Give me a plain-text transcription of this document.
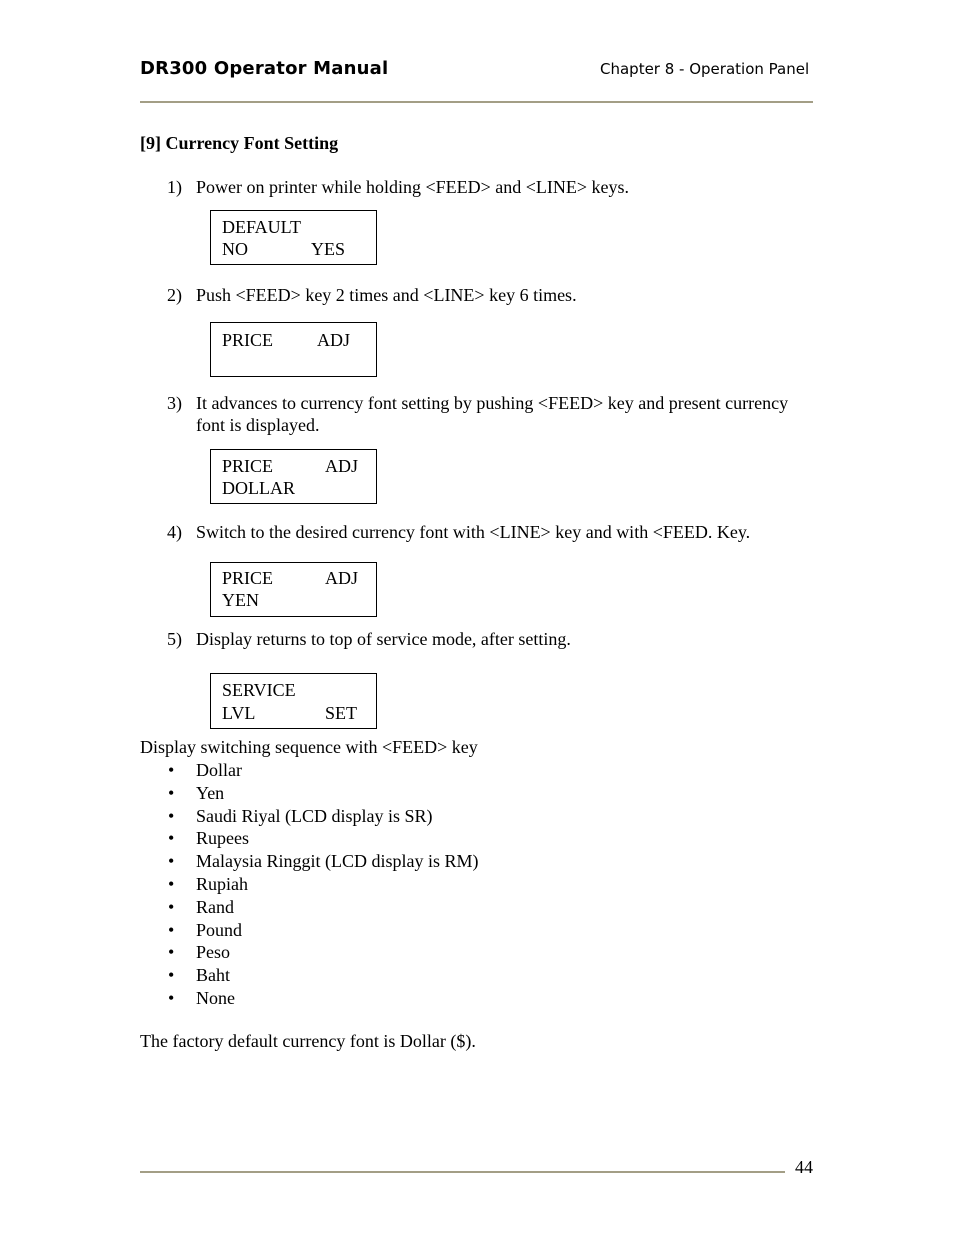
DR300 Operator Manual	Chapter 8 - Operation Panel
[9] Currency Font Setting
1) Power on printer while holding <FEED> and <LINE> keys.
DEFAULT
NO	YES
2) Push <FEED> key 2 times and <LINE> key 6 times.
PRICE ADJ
3) It advances to currency font setting by pushing <FEED> key and present currency font is displayed.
PRICE	ADJ
DOLLAR
4) Switch to the desired currency font with <LINE> key and with <FEED. Key.
PRICE	ADJ
YEN
5) Display returns to top of service mode, after setting.
SERVICE
LVL	SET
Display switching sequence with <FEED> key
• Dollar
• Yen
• Saudi Riyal (LCD display is SR)
• Rupees
• Malaysia Ringgit (LCD display is RM)
• Rupiah
• Rand
• Pound
• Peso
• Baht
• None
The factory default currency font is Dollar ($).
44
